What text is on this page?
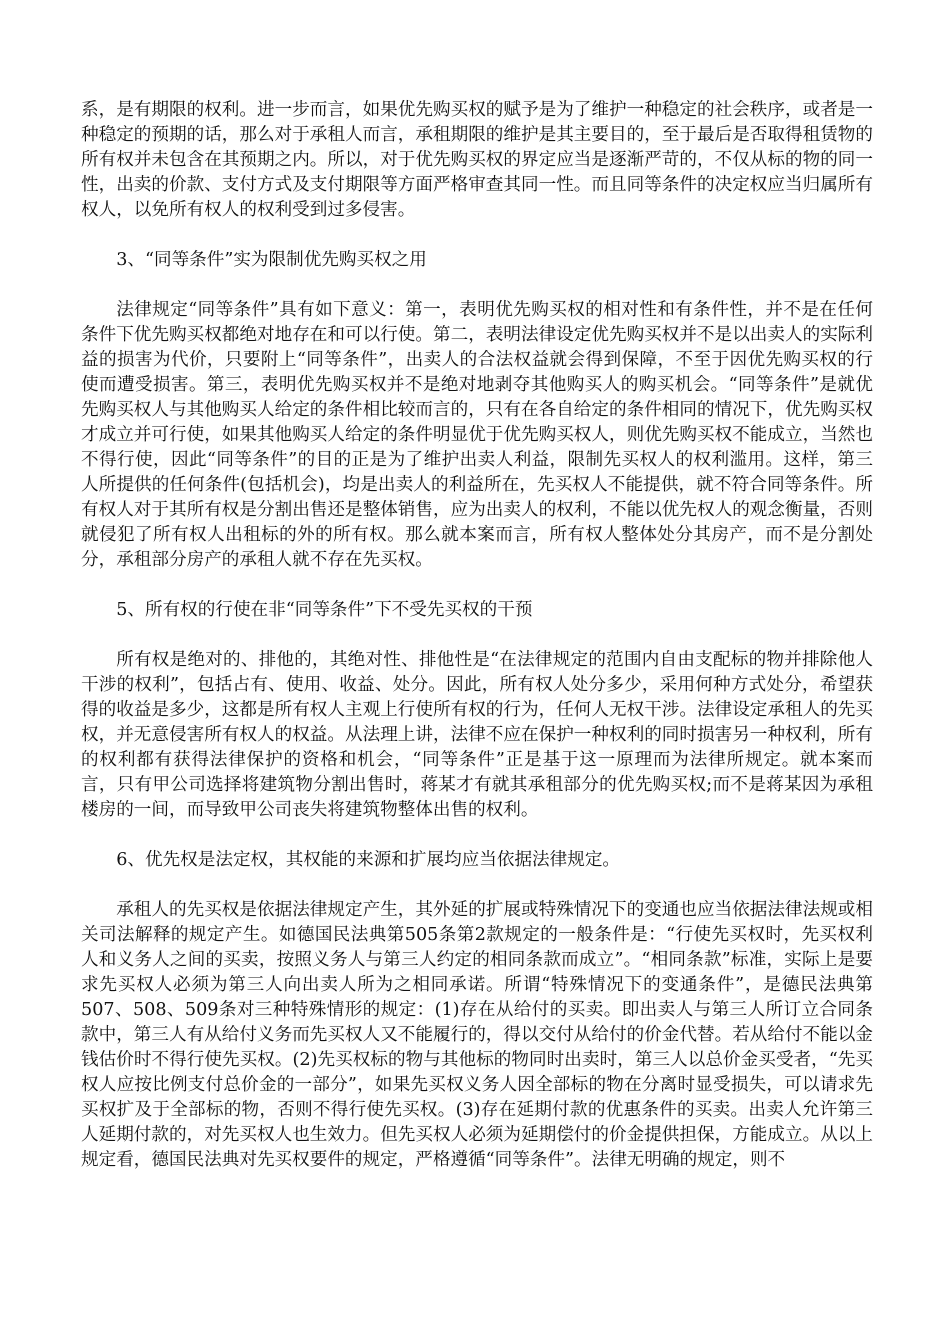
系，是有期限的权利。进一步而言，如果优先购买权的赋予是为了维护一种稳定的社会秩序，或者是一种稳定的预期的话，那么对于承租人而言，承租期限的维护是其主要目的，至于最后是否取得租赁物的所有权并未包含在其预期之内。所以，对于优先购买权的界定应当是逐渐严苛的，不仅从标的物的同一性，出卖的价款、支付方式及支付期限等方面严格审查其同一性。而且同等条件的决定权应当归属所有权人，以免所有权人的权利受到过多侵害。

3、“同等条件”实为限制优先购买权之用

法律规定“同等条件”具有如下意义：第一，表明优先购买权的相对性和有条件性，并不是在任何条件下优先购买权都绝对地存在和可以行使。第二，表明法律设定优先购买权并不是以出卖人的实际利益的损害为代价，只要附上“同等条件”，出卖人的合法权益就会得到保障，不至于因优先购买权的行使而遭受损害。第三，表明优先购买权并不是绝对地剥夺其他购买人的购买机会。“同等条件”是就优先购买权人与其他购买人给定的条件相比较而言的，只有在各自给定的条件相同的情况下，优先购买权才成立并可行使，如果其他购买人给定的条件明显优于优先购买权人，则优先购买权不能成立，当然也不得行使，因此“同等条件”的目的正是为了维护出卖人利益，限制先买权人的权利滥用。这样，第三人所提供的任何条件(包括机会)，均是出卖人的利益所在，先买权人不能提供，就不符合同等条件。所有权人对于其所有权是分割出售还是整体销售，应为出卖人的权利，不能以优先权人的观念衡量，否则就侵犯了所有权人出租标的外的所有权。那么就本案而言，所有权人整体处分其房产，而不是分割处分，承租部分房产的承租人就不存在先买权。

5、所有权的行使在非“同等条件”下不受先买权的干预

所有权是绝对的、排他的，其绝对性、排他性是“在法律规定的范围内自由支配标的物并排除他人干涉的权利”，包括占有、使用、收益、处分。因此，所有权人处分多少，采用何种方式处分，希望获得的收益是多少，这都是所有权人主观上行使所有权的行为，任何人无权干涉。法律设定承租人的先买权，并无意侵害所有权人的权益。从法理上讲，法律不应在保护一种权利的同时损害另一种权利，所有的权利都有获得法律保护的资格和机会，“同等条件”正是基于这一原理而为法律所规定。就本案而言，只有甲公司选择将建筑物分割出售时，蒋某才有就其承租部分的优先购买权;而不是蒋某因为承租楼房的一间，而导致甲公司丧失将建筑物整体出售的权利。

6、优先权是法定权，其权能的来源和扩展均应当依据法律规定。

承租人的先买权是依据法律规定产生，其外延的扩展或特殊情况下的变通也应当依据法律法规或相关司法解释的规定产生。如德国民法典第505条第2款规定的一般条件是：“行使先买权时，先买权利人和义务人之间的买卖，按照义务人与第三人约定的相同条款而成立”。“相同条款”标准，实际上是要求先买权人必须为第三人向出卖人所为之相同承诺。所谓“特殊情况下的变通条件”，是德民法典第507、508、509条对三种特殊情形的规定：(1)存在从给付的买卖。即出卖人与第三人所订立合同条款中，第三人有从给付义务而先买权人又不能履行的，得以交付从给付的价金代替。若从给付不能以金钱估价时不得行使先买权。(2)先买权标的物与其他标的物同时出卖时，第三人以总价金买受者，“先买权人应按比例支付总价金的一部分”，如果先买权义务人因全部标的物在分离时显受损失，可以请求先买权扩及于全部标的物，否则不得行使先买权。(3)存在延期付款的优惠条件的买卖。出卖人允许第三人延期付款的，对先买权人也生效力。但先买权人必须为延期偿付的价金提供担保，方能成立。从以上规定看，德国民法典对先买权要件的规定，严格遵循“同等条件”。法律无明确的规定，则不
